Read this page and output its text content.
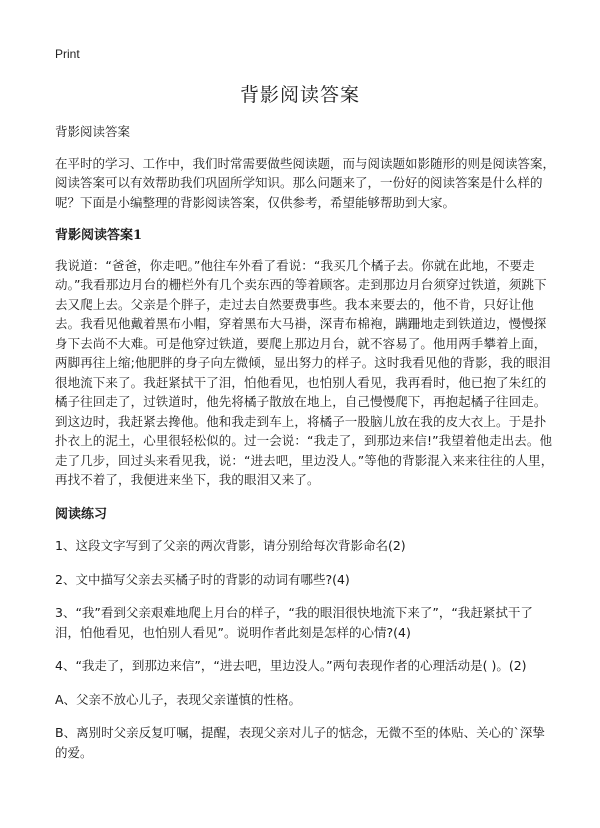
Print
背影阅读答案

背影阅读答案

在平时的学习、工作中，我们时常需要做些阅读题，而与阅读题如影随形的则是阅读答案，阅读答案可以有效帮助我们巩固所学知识。那么问题来了，一份好的阅读答案是什么样的呢？下面是小编整理的背影阅读答案，仅供参考，希望能够帮助到大家。

背影阅读答案1

我说道：“爸爸，你走吧。”他往车外看了看说：“我买几个橘子去。你就在此地，不要走动。”我看那边月台的栅栏外有几个卖东西的等着顾客。走到那边月台须穿过铁道，须跳下去又爬上去。父亲是个胖子，走过去自然要费事些。我本来要去的，他不肯，只好让他去。我看见他戴着黑布小帽，穿着黑布大马褂，深青布棉袍，蹒跚地走到铁道边，慢慢探身下去尚不大难。可是他穿过铁道，要爬上那边月台，就不容易了。他用两手攀着上面，两脚再往上缩;他肥胖的身子向左微倾，显出努力的样子。这时我看见他的背影，我的眼泪很地流下来了。我赶紧拭干了泪，怕他看见，也怕别人看见，我再看时，他已抱了朱红的橘子往回走了，过铁道时，他先将橘子散放在地上，自己慢慢爬下，再抱起橘子往回走。到这边时，我赶紧去搀他。他和我走到车上，将橘子一股脑儿放在我的皮大衣上。于是扑扑衣上的泥土，心里很轻松似的。过一会说：“我走了，到那边来信!”我望着他走出去。他走了几步，回过头来看见我，说：“进去吧，里边没人。”等他的背影混入来来往往的人里，再找不着了，我便进来坐下，我的眼泪又来了。

阅读练习

1、这段文字写到了父亲的两次背影，请分别给每次背影命名(2)

2、文中描写父亲去买橘子时的背影的动词有哪些?(4)

3、“我”看到父亲艰难地爬上月台的样子，“我的眼泪很快地流下来了”，“我赶紧拭干了泪，怕他看见，也怕别人看见”。说明作者此刻是怎样的心情?(4)

4、“我走了，到那边来信”，“进去吧，里边没人。”两句表现作者的心理活动是( )。(2)

A、父亲不放心儿子，表现父亲谨慎的性格。

B、离别时父亲反复叮嘱，提醒，表现父亲对儿子的惦念，无微不至的体贴、关心的`深挚的爱。
